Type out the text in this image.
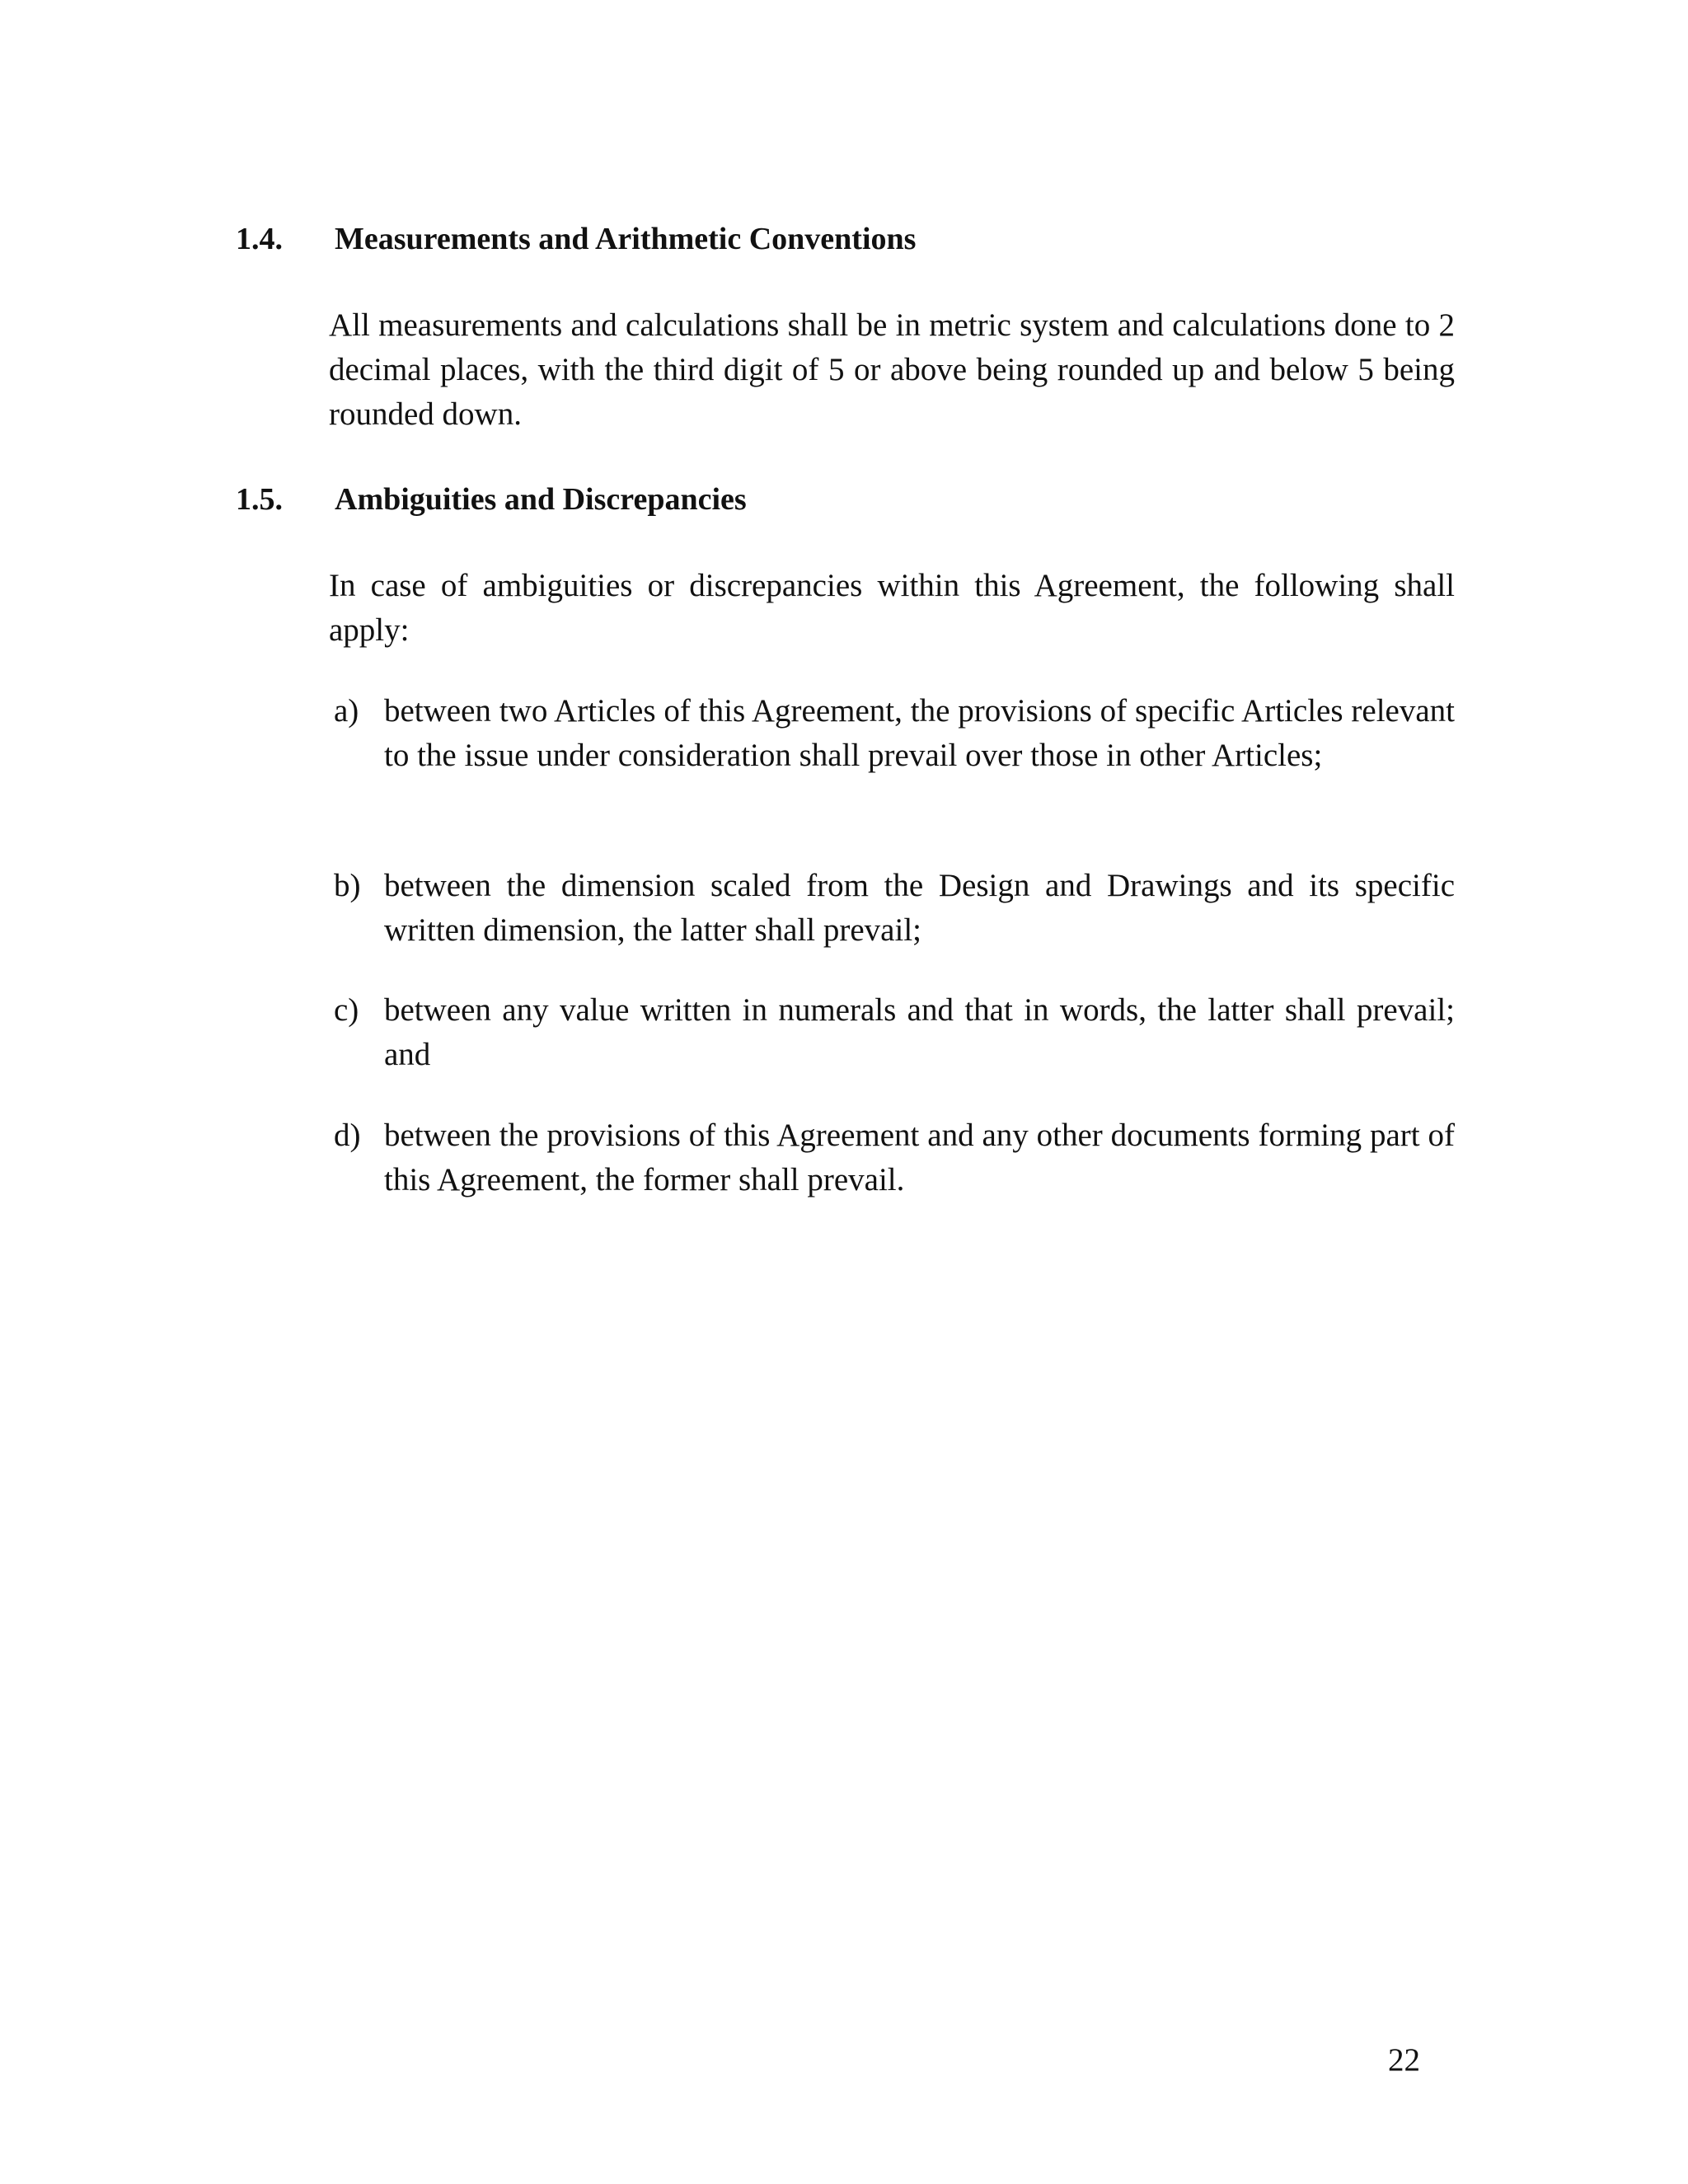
1.4. Measurements and Arithmetic Conventions
All measurements and calculations shall be in metric system and calculations done to 2 decimal places, with the third digit of 5 or above being rounded up and below 5 being rounded down.
1.5. Ambiguities and Discrepancies
In case of ambiguities or discrepancies within this Agreement, the following shall apply:
a) between two Articles of this Agreement, the provisions of specific Articles relevant to the issue under consideration shall prevail over those in other Articles;
b) between the dimension scaled from the Design and Drawings and its specific written dimension, the latter shall prevail;
c) between any value written in numerals and that in words, the latter shall prevail; and
d) between the provisions of this Agreement and any other documents forming part of this Agreement, the former shall prevail.
22
